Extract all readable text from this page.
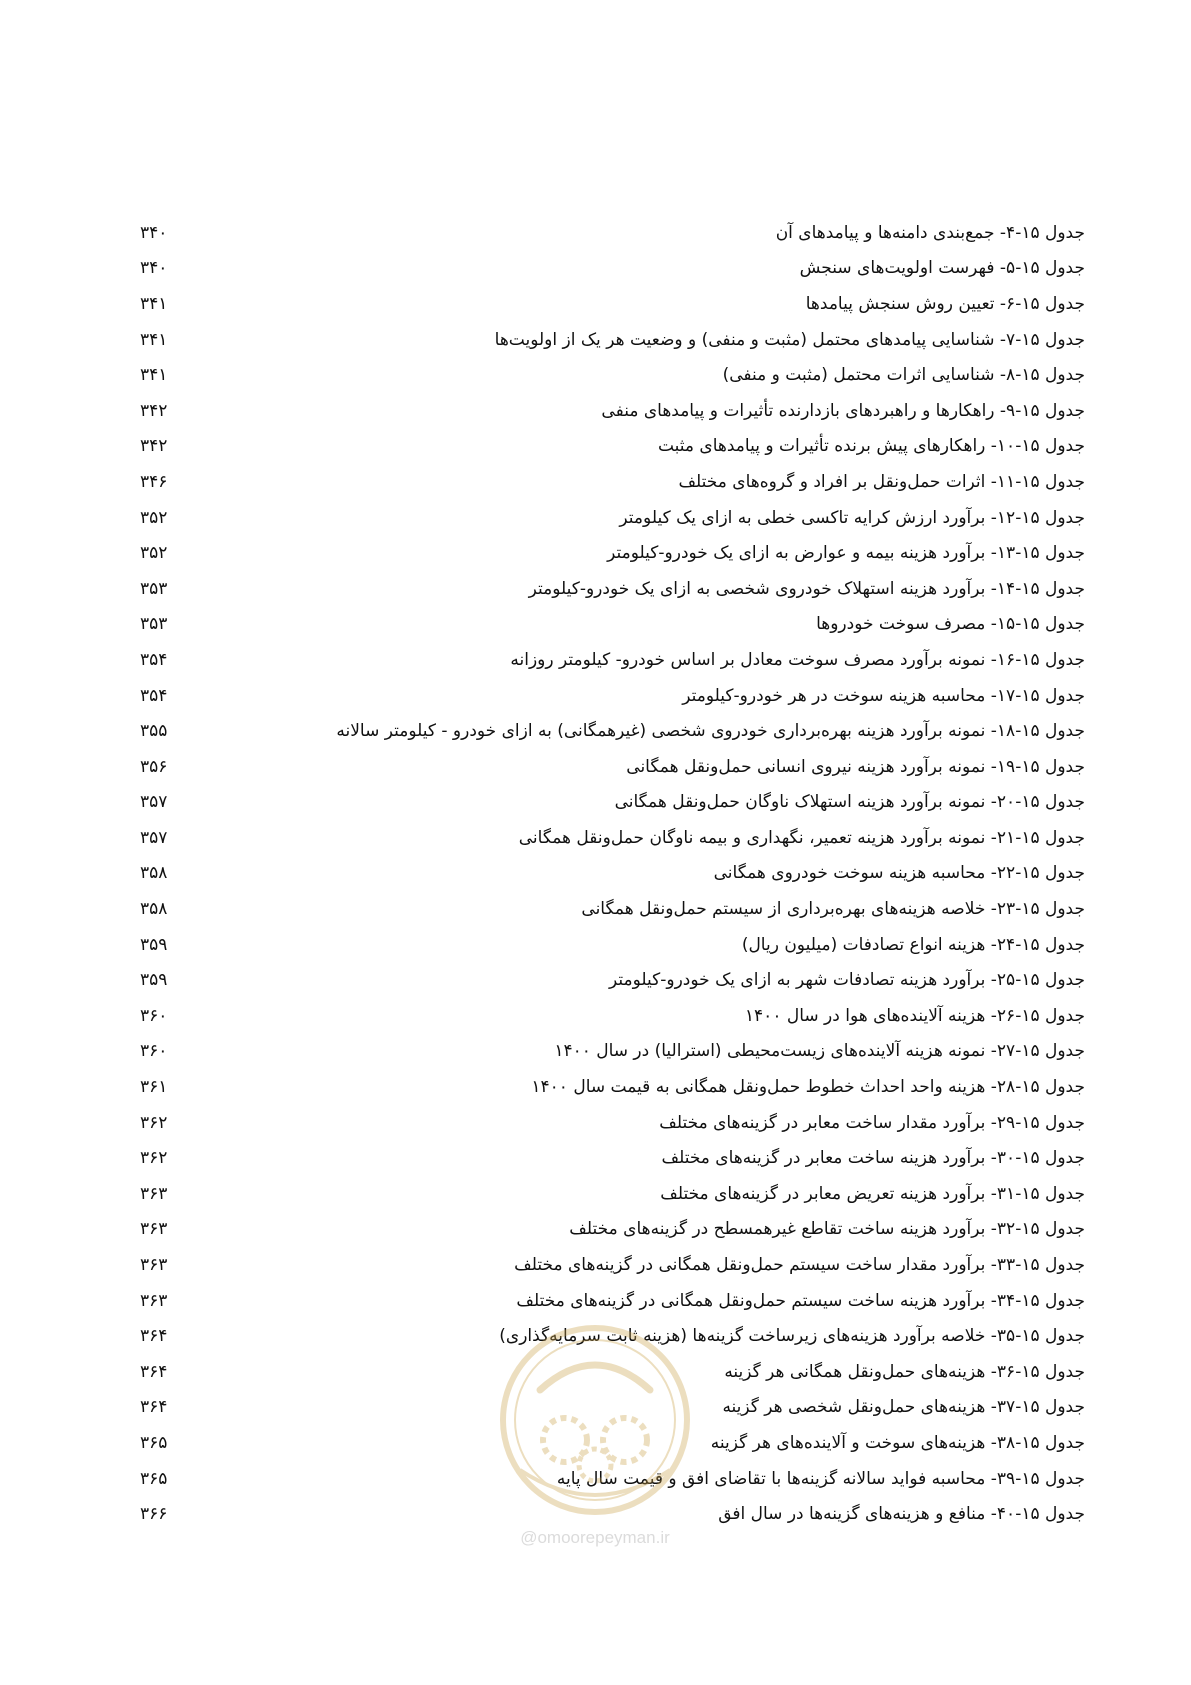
جدول ۱۵-۴- جمع‌بندی دامنه‌ها و پیامدهای آن
۳۴۰
جدول ۱۵-۵- فهرست اولویت‌های سنجش
۳۴۰
جدول ۱۵-۶- تعیین روش سنجش پیامدها
۳۴۱
جدول ۱۵-۷- شناسایی پیامدهای محتمل (مثبت و منفی) و وضعیت هر یک از اولویت‌ها
۳۴۱
جدول ۱۵-۸- شناسایی اثرات محتمل (مثبت و منفی)
۳۴۱
جدول ۱۵-۹- راهکارها و راهبردهای بازدارنده تأثیرات و پیامدهای منفی
۳۴۲
جدول ۱۵-۱۰- راهکارهای پیش برنده تأثیرات و پیامدهای مثبت
۳۴۲
جدول ۱۵-۱۱- اثرات حمل‌ونقل بر افراد و گروه‌های مختلف
۳۴۶
جدول ۱۵-۱۲- برآورد ارزش کرایه تاکسی خطی به ازای یک کیلومتر
۳۵۲
جدول ۱۵-۱۳- برآورد هزینه بیمه و عوارض به ازای یک خودرو-کیلومتر
۳۵۲
جدول ۱۵-۱۴- برآورد هزینه استهلاک خودروی شخصی به ازای یک خودرو-کیلومتر
۳۵۳
جدول ۱۵-۱۵- مصرف سوخت خودروها
۳۵۳
جدول ۱۵-۱۶- نمونه برآورد مصرف سوخت معادل بر اساس خودرو- کیلومتر روزانه
۳۵۴
جدول ۱۵-۱۷- محاسبه هزینه سوخت در هر خودرو-کیلومتر
۳۵۴
جدول ۱۵-۱۸- نمونه برآورد هزینه بهره‌برداری خودروی شخصی (غیرهمگانی) به ازای خودرو - کیلومتر سالانه
۳۵۵
جدول ۱۵-۱۹- نمونه برآورد هزینه نیروی انسانی حمل‌ونقل همگانی
۳۵۶
جدول ۱۵-۲۰- نمونه برآورد هزینه استهلاک ناوگان حمل‌ونقل همگانی
۳۵۷
جدول ۱۵-۲۱- نمونه برآورد هزینه تعمیر، نگهداری و بیمه ناوگان حمل‌ونقل همگانی
۳۵۷
جدول ۱۵-۲۲- محاسبه هزینه سوخت خودروی همگانی
۳۵۸
جدول ۱۵-۲۳- خلاصه هزینه‌های بهره‌برداری از سیستم حمل‌ونقل همگانی
۳۵۸
جدول ۱۵-۲۴- هزینه انواع تصادفات (میلیون ریال)
۳۵۹
جدول ۱۵-۲۵- برآورد هزینه تصادفات شهر به ازای یک خودرو-کیلومتر
۳۵۹
جدول ۱۵-۲۶- هزینه آلاینده‌های هوا در سال ۱۴۰۰
۳۶۰
جدول ۱۵-۲۷- نمونه هزینه آلاینده‌های زیست‌محیطی (استرالیا) در سال ۱۴۰۰
۳۶۰
جدول ۱۵-۲۸- هزینه واحد احداث خطوط حمل‌ونقل همگانی به قیمت سال ۱۴۰۰
۳۶۱
جدول ۱۵-۲۹- برآورد مقدار ساخت معابر در گزینه‌های مختلف
۳۶۲
جدول ۱۵-۳۰- برآورد هزینه ساخت معابر در گزینه‌های مختلف
۳۶۲
جدول ۱۵-۳۱- برآورد هزینه تعریض معابر در گزینه‌های مختلف
۳۶۳
جدول ۱۵-۳۲- برآورد هزینه ساخت تقاطع غیرهمسطح در گزینه‌های مختلف
۳۶۳
جدول ۱۵-۳۳- برآورد مقدار ساخت سیستم حمل‌ونقل همگانی در گزینه‌های مختلف
۳۶۳
جدول ۱۵-۳۴- برآورد هزینه ساخت سیستم حمل‌ونقل همگانی در گزینه‌های مختلف
۳۶۳
جدول ۱۵-۳۵- خلاصه برآورد هزینه‌های زیرساخت گزینه‌ها (هزینه ثابت سرمایه‌گذاری)
۳۶۴
جدول ۱۵-۳۶- هزینه‌های حمل‌ونقل همگانی هر گزینه
۳۶۴
جدول ۱۵-۳۷- هزینه‌های حمل‌ونقل شخصی هر گزینه
۳۶۴
جدول ۱۵-۳۸- هزینه‌های سوخت و آلاینده‌های هر گزینه
۳۶۵
جدول ۱۵-۳۹- محاسبه فواید سالانه گزینه‌ها با تقاضای افق و قیمت سال پایه
۳۶۵
جدول ۱۵-۴۰- منافع و هزینه‌های گزینه‌ها در سال افق
۳۶۶
@omoorepeyman.ir
